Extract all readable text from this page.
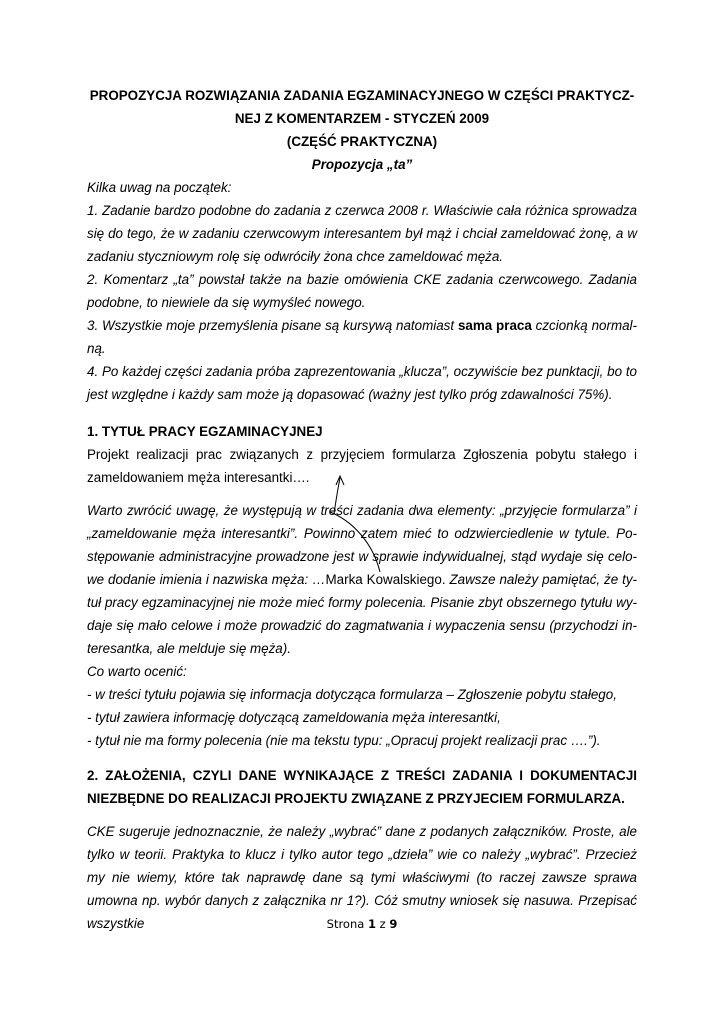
PROPOZYCJA ROZWIĄZANIA ZADANIA EGZAMINACYJNEGO W CZĘŚCI PRAKTYCZ-

NEJ Z KOMENTARZEM - STYCZEŃ 2009

(CZĘŚĆ PRAKTYCZNA)

Propozycja „ta”

Kilka uwag na początek:

1. Zadanie bardzo podobne do zadania z czerwca 2008 r. Właściwie cała różnica sprowadza się do tego, że w zadaniu czerwcowym interesantem był mąż i chciał zameldować żonę, a w zadaniu styczniowym rolę się odwróciły żona chce zameldować męża.

2. Komentarz „ta” powstał także na bazie omówienia CKE zadania czerwcowego. Zadania podobne, to niewiele da się wymyśleć nowego.

3. Wszystkie moje przemyślenia pisane są kursywą natomiast sama praca czcionką normal-ną.

4. Po każdej części zadania próba zaprezentowania „klucza”, oczywiście bez punktacji, bo to jest względne i każdy sam może ją dopasować (ważny jest tylko próg zdawalności 75%).

1. TYTUŁ PRACY EGZAMINACYJNEJ

Projekt realizacji prac związanych z przyjęciem formularza Zgłoszenia pobytu stałego i zameldowaniem męża interesantki….

Warto zwrócić uwagę, że występują w treści zadania dwa elementy: „przyjęcie formularza” i „zameldowanie męża interesantki”. Powinno zatem mieć to odzwierciedlenie w tytule. Po-stępowanie administracyjne prowadzone jest w sprawie indywidualnej, stąd wydaje się celo-we dodanie imienia i nazwiska męża: …Marka Kowalskiego. Zawsze należy pamiętać, że ty-tuł pracy egzaminacyjnej nie może mieć formy polecenia. Pisanie zbyt obszernego tytułu wy-daje się mało celowe i może prowadzić do zagmatwania i wypaczenia sensu (przychodzi in-teresantka, ale melduje się męża).

Co warto ocenić:

- w treści tytułu pojawia się informacja dotycząca formularza – Zgłoszenie pobytu stałego,

- tytuł zawiera informację dotyczącą zameldowania męża interesantki,

- tytuł nie ma formy polecenia (nie ma tekstu typu: „Opracuj projekt realizacji prac ….”).

2. ZAŁOŻENIA, CZYLI DANE WYNIKAJĄCE Z TREŚCI ZADANIA I DOKUMENTACJI NIEZBĘDNE DO REALIZACJI PROJEKTU ZWIĄZANE Z PRZYJECIEM FORMULARZA.

CKE sugeruje jednoznacznie, że należy „wybrać” dane z podanych załączników. Proste, ale tylko w teorii. Praktyka to klucz i tylko autor tego „dzieła” wie co należy „wybrać”. Przecież my nie wiemy, które tak naprawdę dane są tymi właściwymi (to raczej zawsze sprawa umowna np. wybór danych z załącznika nr 1?). Cóż smutny wniosek się nasuwa. Przepisać wszystkie	Strona 1 z 9
